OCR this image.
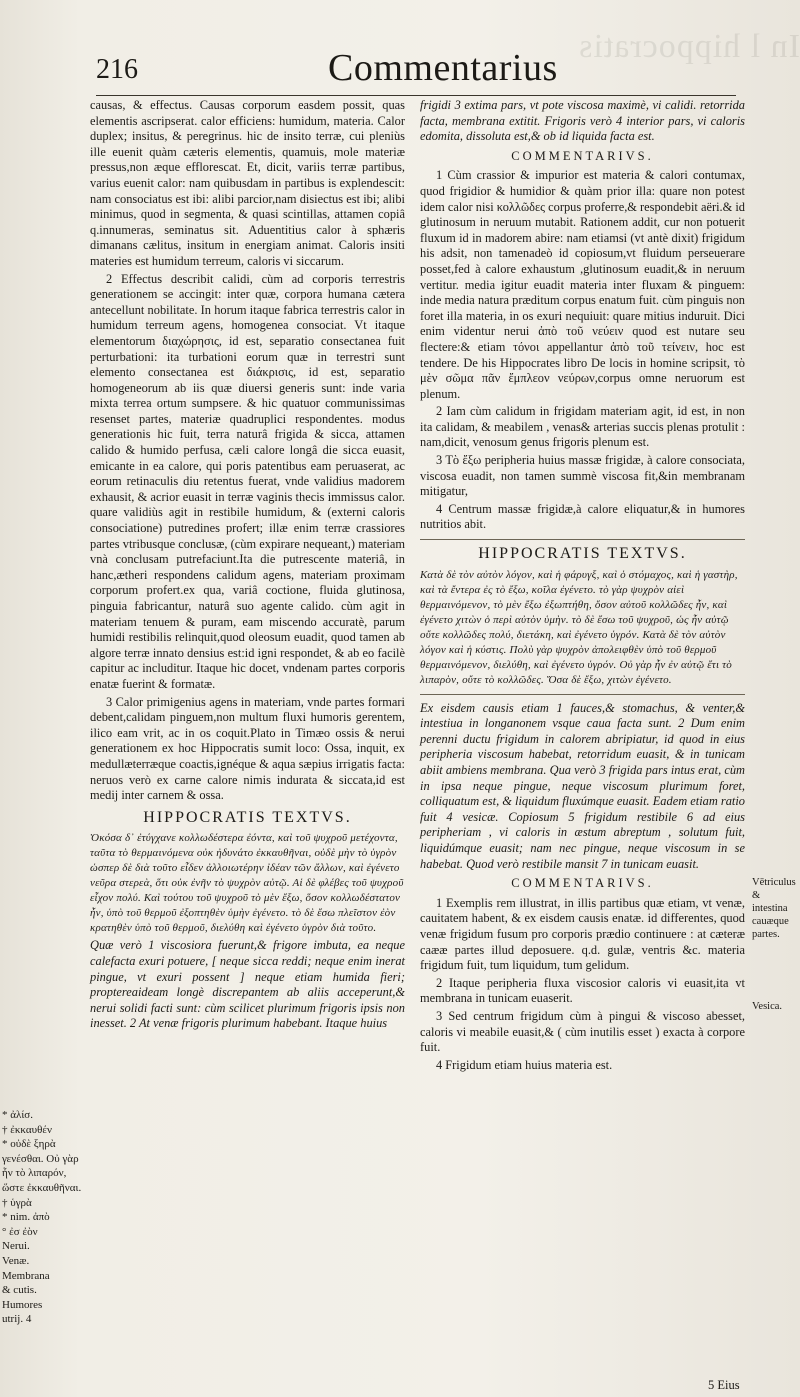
In l hippocratis
216	Commentarius

causas, & effectus. Causas corporum easdem possit, quas elementis ascripserat. calor efficiens: humidum, materia. Calor duplex; insitus, & peregrinus. hic de insito terræ, cui pleniùs ille euenit quàm cæteris elementis, quamuis, mole materiæ pressus,non æque efflorescat. Et, dicit, variis terræ partibus, varius euenit calor: nam quibusdam in partibus is explendescit: nam consociatus est ibi: alibi parcior,nam disiectus est ibi; alibi minimus, quod in segmenta, & quasi scintillas, attamen copiâ q.innumeras, seminatus sit. Aduentitius calor à sphæris dimanans cælitus, insitum in energiam animat. Caloris insiti materies est humidum terreum, caloris vi siccarum.

2 Effectus describit calidi, cùm ad corporis terrestris generationem se accingit: inter quæ, corpora humana cætera antecellunt nobilitate. In horum itaque fabrica terrestris calor in humidum terreum agens, homogenea consociat. Vt itaque elementorum διαχώρησις, id est, separatio consectanea fuit perturbationi: ita turbationi eorum quæ in terrestri sunt elemento consectanea est διάκρισις, id est, separatio homogeneorum ab iis quæ diuersi generis sunt: inde varia mixta terrea ortum sumpsere. & hic quatuor communissimas resenset partes, materiæ quadruplici respondentes. modus generationis hic fuit, terra naturâ frigida & sicca, attamen calido & humido perfusa, cæli calore longâ die sicca euasit, emicante in ea calore, qui poris patentibus eam peruaserat, ac eorum retinaculis diu retentus fuerat, vnde validius madorem exhausit, & acrior euasit in terræ vaginis thecis immissus calor. quare validiùs agit in restibile humidum, & (externi caloris consociatione) putredines profert; illæ enim terræ crassiores partes vtribusque conclusæ, (cùm expirare nequeant,) materiam vnà conclusam putrefaciunt.Ita die putrescente materiâ, in hanc,ætheri respondens calidum agens, materiam proximam corporum profert.ex qua, variâ coctione, fluida glutinosa, pinguia fabricantur, naturâ suo agente calido. cùm agit in materiam tenuem & puram, eam miscendo accuratè, parum humidi restibilis relinquit,quod oleosum euadit, quod tamen ab algore terræ innato densius est:id igni respondet, & ab eo facilè capitur ac includitur. Itaque hic docet, vndenam partes corporis enatæ fuerint & formatæ.

3 Calor primigenius agens in materiam, vnde partes formari debent,calidam pinguem,non multum fluxi humoris gerentem, ilico eam vrit, ac in os coquit.Plato in Timæo ossis & nerui generationem ex hoc Hippocratis sumit loco: Ossa, inquit, ex medullæterræque coactis,ignéque & aqua sæpius irrigatis facta: neruos verò ex carne calore nimis indurata & siccata,id est medij inter carnem & ossa.

HIPPOCRATIS TEXTVS.

Ὁκόσα δ᾿ ἐτύγχανε κολλωδέστερα ἐόντα, καὶ τοῦ ψυχροῦ μετέχοντα, ταῦτα τὸ θερμαινόμενα οὐκ ἠδυνάτο ἐκκαυθῆναι, οὐδὲ μὴν τὸ ὑγρὸν ὡσπερ δὲ διὰ τοῦτο εἶδεν ἀλλοιωτέρην ἰδέαν τῶν ἄλλων, καὶ ἐγένετο νεῦρα στερεὰ, ὅτι οὐκ ἐνῆν τὸ ψυχρὸν αὐτῷ. Αἱ δὲ φλέβες τοῦ ψυχροῦ εἶχον πολύ. Καὶ τούτου τοῦ ψυχροῦ τὸ μὲν ἔξω, ὅσον κολλωδέστατον ἦν, ὑπὸ τοῦ θερμοῦ ἐξοπτηθὲν ὑμὴν ἐγένετο. τὸ δὲ ἔσω πλεῖστον ἐὸν κρατηθὲν ὑπὸ τοῦ θερμοῦ, διελύθη καὶ ἐγένετο ὑγρὸν διὰ τοῦτο.

Quæ verò 1 viscosiora fuerunt,& frigore imbuta, ea neque calefacta exuri potuere, [ neque sicca reddi; neque enim inerat pingue, vt exuri possent ] neque etiam humida fieri; proptereaideam longè discrepantem ab aliis acceperunt,& nerui solidi facti sunt: cùm scilicet plurimum frigoris ipsis non inesset. 2 At venæ frigoris plurimum habebant. Itaque huius

frigidi 3 extima pars, vt pote viscosa maximè, vi calidi. retorrida facta, membrana extitit. Frigoris verò 4 interior pars, vi caloris edomita, dissoluta est,& ob id liquida facta est.

COMMENTARIVS.

1 Cùm crassior & impurior est materia & calori contumax, quod frigidior & humidior & quàm prior illa: quare non potest idem calor nisi κολλῶδες corpus proferre,& respondebit aëri.& id glutinosum in neruum mutabit. Rationem addit, cur non potuerit fluxum id in madorem abire: nam etiamsi (vt antè dixit) frigidum his adsit, non tamenadeò id copiosum,vt fluidum perseuerare posset,fed à calore exhaustum ,glutinosum euadit,& in neruum vertitur. media igitur euadit materia inter fluxam & pinguem: inde media natura præditum corpus enatum fuit. cùm pinguis non foret illa materia, in os exuri nequiuit: quare mitius induruit. Dici enim videntur nerui ἀπὸ τοῦ νεύειν quod est nutare seu flectere:& etiam τόνοι appellantur ἀπὸ τοῦ τείνειν, hoc est tendere. De his Hippocrates libro De locis in homine scripsit, τὸ μὲν σῶμα πᾶν ἔμπλεον νεύρων,corpus omne neruorum est plenum.

2 Iam cùm calidum in frigidam materiam agit, id est, in non ita calidam, & meabilem , venas& arterias succis plenas protulit : nam,dicit, venosum genus frigoris plenum est.

3 Τὸ ἔξω peripheria huius massæ frigidæ, à calore consociata, viscosa euadit, non tamen summè viscosa fit,&in membranam mitigatur,

4 Centrum massæ frigidæ,à calore eliquatur,& in humores nutritios abit.

HIPPOCRATIS TEXTVS.

Κατὰ δὲ τὸν αὐτὸν λόγον, καὶ ἡ φάρυγξ, καὶ ὁ στόμαχος, καὶ ἡ γαστὴρ, καὶ τὰ ἔντερα ἐς τὸ ἔξω, κοῖλα ἐγένετο. τὸ γὰρ ψυχρὸν αἰεὶ θερμαινόμενον, τὸ μὲν ἔξω ἐξωπτήθη, ὅσον αὐτοῦ κολλῶδες ἦν, καὶ ἐγένετο χιτὼν ὁ περὶ αὐτὸν ὑμὴν. τὸ δὲ ἔσω τοῦ ψυχροῦ, ὡς ἦν αὐτῷ οὔτε κολλῶδες πολύ, διετάκη, καὶ ἐγένετο ὑγρόν. Κατὰ δὲ τὸν αὐτὸν λόγον καὶ ἡ κύστις. Πολὺ γὰρ ψυχρὸν ἀπολειφθὲν ὑπὸ τοῦ θερμοῦ θερμαινόμενον, διελύθη, καὶ ἐγένετο ὑγρόν. Οὐ γὰρ ἦν ἐν αὐτῷ ἔτι τὸ λιπαρὸν, οὔτε τὸ κολλῶδες. Ὅσα δὲ ἔξω, χιτὼν ἐγένετο.

Ex eisdem causis etiam 1 fauces,& stomachus, & venter,& intestiua in longanonem vsque caua facta sunt. 2 Dum enim perenni ductu frigidum in calorem abripiatur, id quod in eius peripheria viscosum habebat, retorridum euasit, & in tunicam abiit ambiens membrana. Qua verò 3 frigida pars intus erat, cùm in ipsa neque pingue, neque viscosum plurimum foret, colliquatum est, & liquidum fluxúmque euasit. Eadem etiam ratio fuit 4 vesicæ. Copiosum 5 frigidum restibile 6 ad eius peripheriam , vi caloris in æstum abreptum , solutum fuit, liquidúmque euasit; nam nec pingue, neque viscosum in se habebat. Quod verò restibile mansit 7 in tunicam euasit.

COMMENTARIVS.

1 Exemplis rem illustrat, in illis partibus quæ etiam, vt venæ, cauitatem habent, & ex eisdem causis enatæ. id differentes, quod venæ frigidum fusum pro corporis prædio continuere : at cæteræ caææ partes illud deposuere. q.d. gulæ, ventris &c. materia frigidum fuit, tum liquidum, tum gelidum.

2 Itaque peripheria fluxa viscosior caloris vi euasit,ita vt membrana in tunicam euaserit.

3 Sed centrum frigidum cùm à pingui & viscoso abesset, caloris vi meabile euasit,& ( cùm inutilis esset ) exacta à corpore fuit.

4 Frigidum etiam huius materia est.

* ἀλίσ.
† ἐκκαυθέν
* οὐδὲ ξηρὰ γενέσθαι. Οὐ γὰρ ἦν τὸ λιπαρόν, ὥστε ἐκκαυθῆναι.
† ὑγρὰ
* nim. ἀπὸ
° ἐσ ἐὸν
Nerui.
Venæ.
Membrana
& cutis.
Humores
utrij. 4
Vētriculus & intestina cauæque partes.
Vesica.
5 Eius
